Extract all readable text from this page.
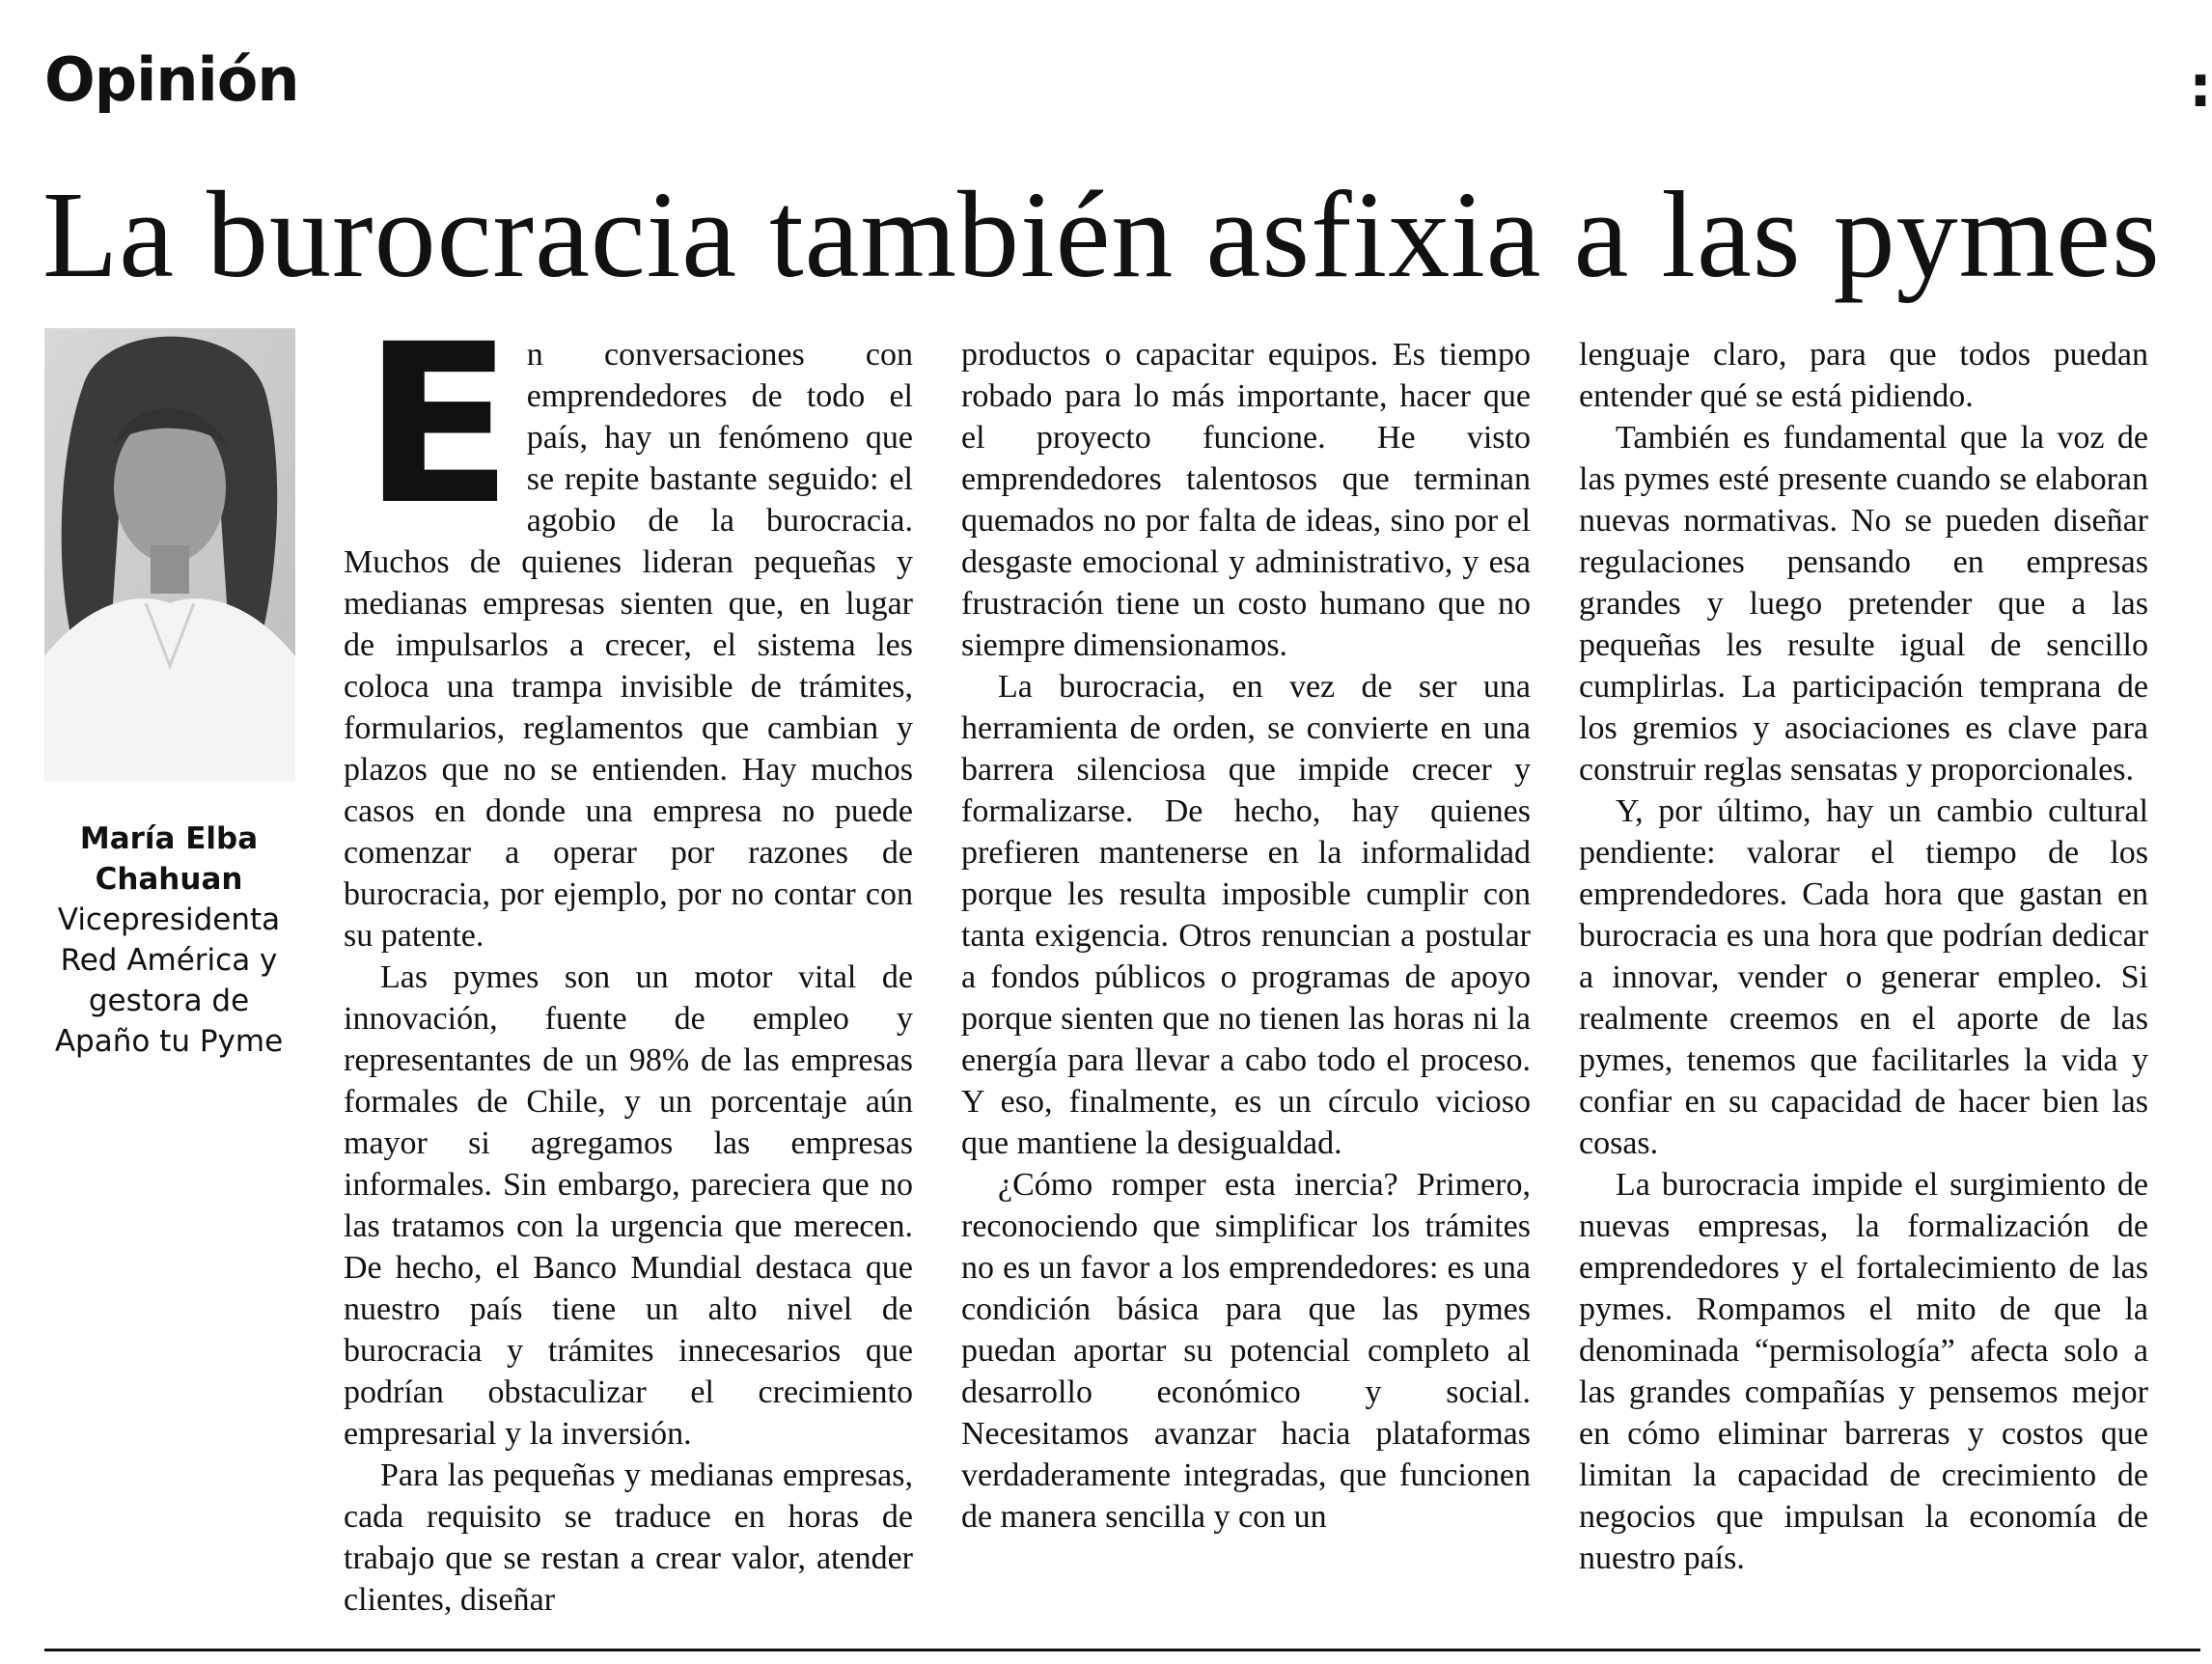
Opinión	:
La burocracia también asfixia a las pymes

María Elba Chahuan

Vicepresidenta Red América y gestora de Apaño tu Pyme

En conversaciones con emprendedores de todo el país, hay un fenómeno que se repite bastante seguido: el agobio de la burocracia. Muchos de quienes lideran pequeñas y medianas empresas sienten que, en lugar de impulsarlos a crecer, el sistema les coloca una trampa invisible de trámites, formularios, reglamentos que cambian y plazos que no se entienden. Hay muchos casos en donde una empresa no puede comenzar a operar por razones de burocracia, por ejemplo, por no contar con su patente.

Las pymes son un motor vital de innovación, fuente de empleo y representantes de un 98% de las empresas formales de Chile, y un porcentaje aún mayor si agregamos las empresas informales. Sin embargo, pareciera que no las tratamos con la urgencia que merecen. De hecho, el Banco Mundial destaca que nuestro país tiene un alto nivel de burocracia y trámites innecesarios que podrían obstaculizar el crecimiento empresarial y la inversión.

Para las pequeñas y medianas empresas, cada requisito se traduce en horas de trabajo que se restan a crear valor, atender clientes, diseñar

productos o capacitar equipos. Es tiempo robado para lo más importante, hacer que el proyecto funcione. He visto emprendedores talentosos que terminan quemados no por falta de ideas, sino por el desgaste emocional y administrativo, y esa frustración tiene un costo humano que no siempre dimensionamos.

La burocracia, en vez de ser una herramienta de orden, se convierte en una barrera silenciosa que impide crecer y formalizarse. De hecho, hay quienes prefieren mantenerse en la informalidad porque les resulta imposible cumplir con tanta exigencia. Otros renuncian a postular a fondos públicos o programas de apoyo porque sienten que no tienen las horas ni la energía para llevar a cabo todo el proceso. Y eso, finalmente, es un círculo vicioso que mantiene la desigualdad.

¿Cómo romper esta inercia? Primero, reconociendo que simplificar los trámites no es un favor a los emprendedores: es una condición básica para que las pymes puedan aportar su potencial completo al desarrollo económico y social. Necesitamos avanzar hacia plataformas verdaderamente integradas, que funcionen de manera sencilla y con un

lenguaje claro, para que todos puedan entender qué se está pidiendo.

También es fundamental que la voz de las pymes esté presente cuando se elaboran nuevas normativas. No se pueden diseñar regulaciones pensando en empresas grandes y luego pretender que a las pequeñas les resulte igual de sencillo cumplirlas. La participación temprana de los gremios y asociaciones es clave para construir reglas sensatas y proporcionales.

Y, por último, hay un cambio cultural pendiente: valorar el tiempo de los emprendedores. Cada hora que gastan en burocracia es una hora que podrían dedicar a innovar, vender o generar empleo. Si realmente creemos en el aporte de las pymes, tenemos que facilitarles la vida y confiar en su capacidad de hacer bien las cosas.

La burocracia impide el surgimiento de nuevas empresas, la formalización de emprendedores y el fortalecimiento de las pymes. Rompamos el mito de que la denominada “permisología” afecta solo a las grandes compañías y pensemos mejor en cómo eliminar barreras y costos que limitan la capacidad de crecimiento de negocios que impulsan la economía de nuestro país.
